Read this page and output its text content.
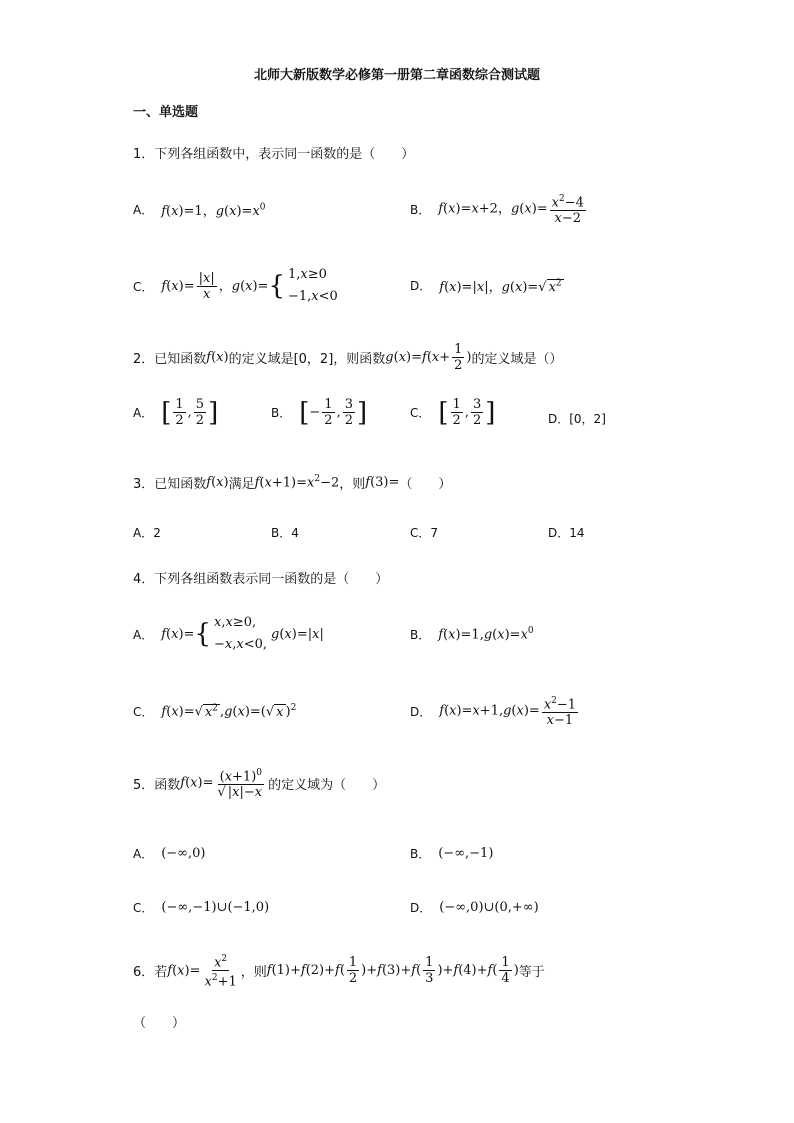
北师大新版数学必修第一册第二章函数综合测试题
一、单选题
1．下列各组函数中，表示同一函数的是（　　）
A． f(x)=1，$g(x)=x^0$	B． f(x)=x+2，$g(x)= \frac{x^2-4}{x-2}$
C． $f(x)= \frac{|x|}{x}$ ，g(x)= { 1,x≥0
−1,x<0
D． f(x)=|x|，g(x)=√ $x^2$
2．已知函数 f(x) 的定义域是[0，2]，则函数 $g(x)=f(x+ \frac{1}{2}$ ) 的定义域是（）
A． [ $\frac{1}{2}$ , $\frac{5}{2}$ ]	B． [ − $\frac{1}{2}$ , $\frac{3}{2}$ ]	C． [ $\frac{1}{2}$ , $\frac{3}{2}$ ]	D．[0，2]
3．已知函数 f(x) 满足 $f(x+1)=x^2-2$ ，则 f(3)= （　　）
A．2	B．4	C．7	D．14
4．下列各组函数表示同一函数的是（　　）
A． f(x)= { x,x≥0,
−x,x<0,
g(x)=|x|	B． $f(x)=1,g(x)=x^0$
C． f(x)=√ $x^2$ ,g(x)=(√ x )$^2$	D． $f(x)=x+1,g(x)= \frac{x^2-1}{x-1}$
5．函数 $f(x)= \frac{(x+1)^0}{√ |x|-x}$ 的定义域为（　　）
A． (−∞,0)	B． (−∞,−1)
C． (−∞,−1)∪(−1,0)	D． (−∞,0)∪(0,+∞)
6．若 $f(x)= \frac{x^2}{x^2+1}$ ，则 $f(1)+f(2)+f( \frac{1}{2} )+f(3)+f( \frac{1}{3} )+f(4)+f( \frac{1}{4}$ ) 等于
（　　）
